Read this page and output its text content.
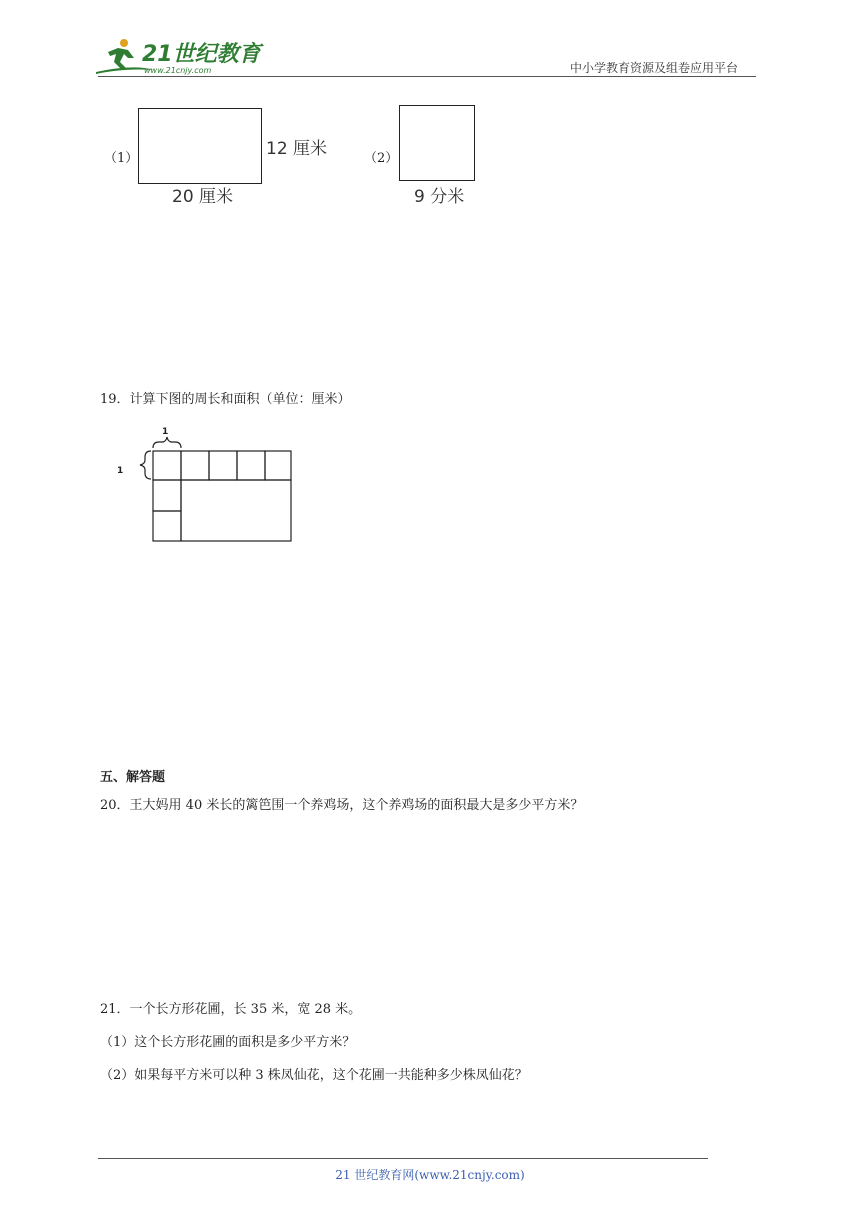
21世纪教育
www.21cnjy.com	中小学教育资源及组卷应用平台
（1）	12 厘米
20 厘米
（2）
9 分米
19．计算下图的周长和面积（单位：厘米）
1
1
五、解答题
20．王大妈用 40 米长的篱笆围一个养鸡场，这个养鸡场的面积最大是多少平方米？
21．一个长方形花圃，长 35 米，宽 28 米。
（1）这个长方形花圃的面积是多少平方米？
（2）如果每平方米可以种 3 株凤仙花，这个花圃一共能种多少株凤仙花？
21 世纪教育网(www.21cnjy.com)
